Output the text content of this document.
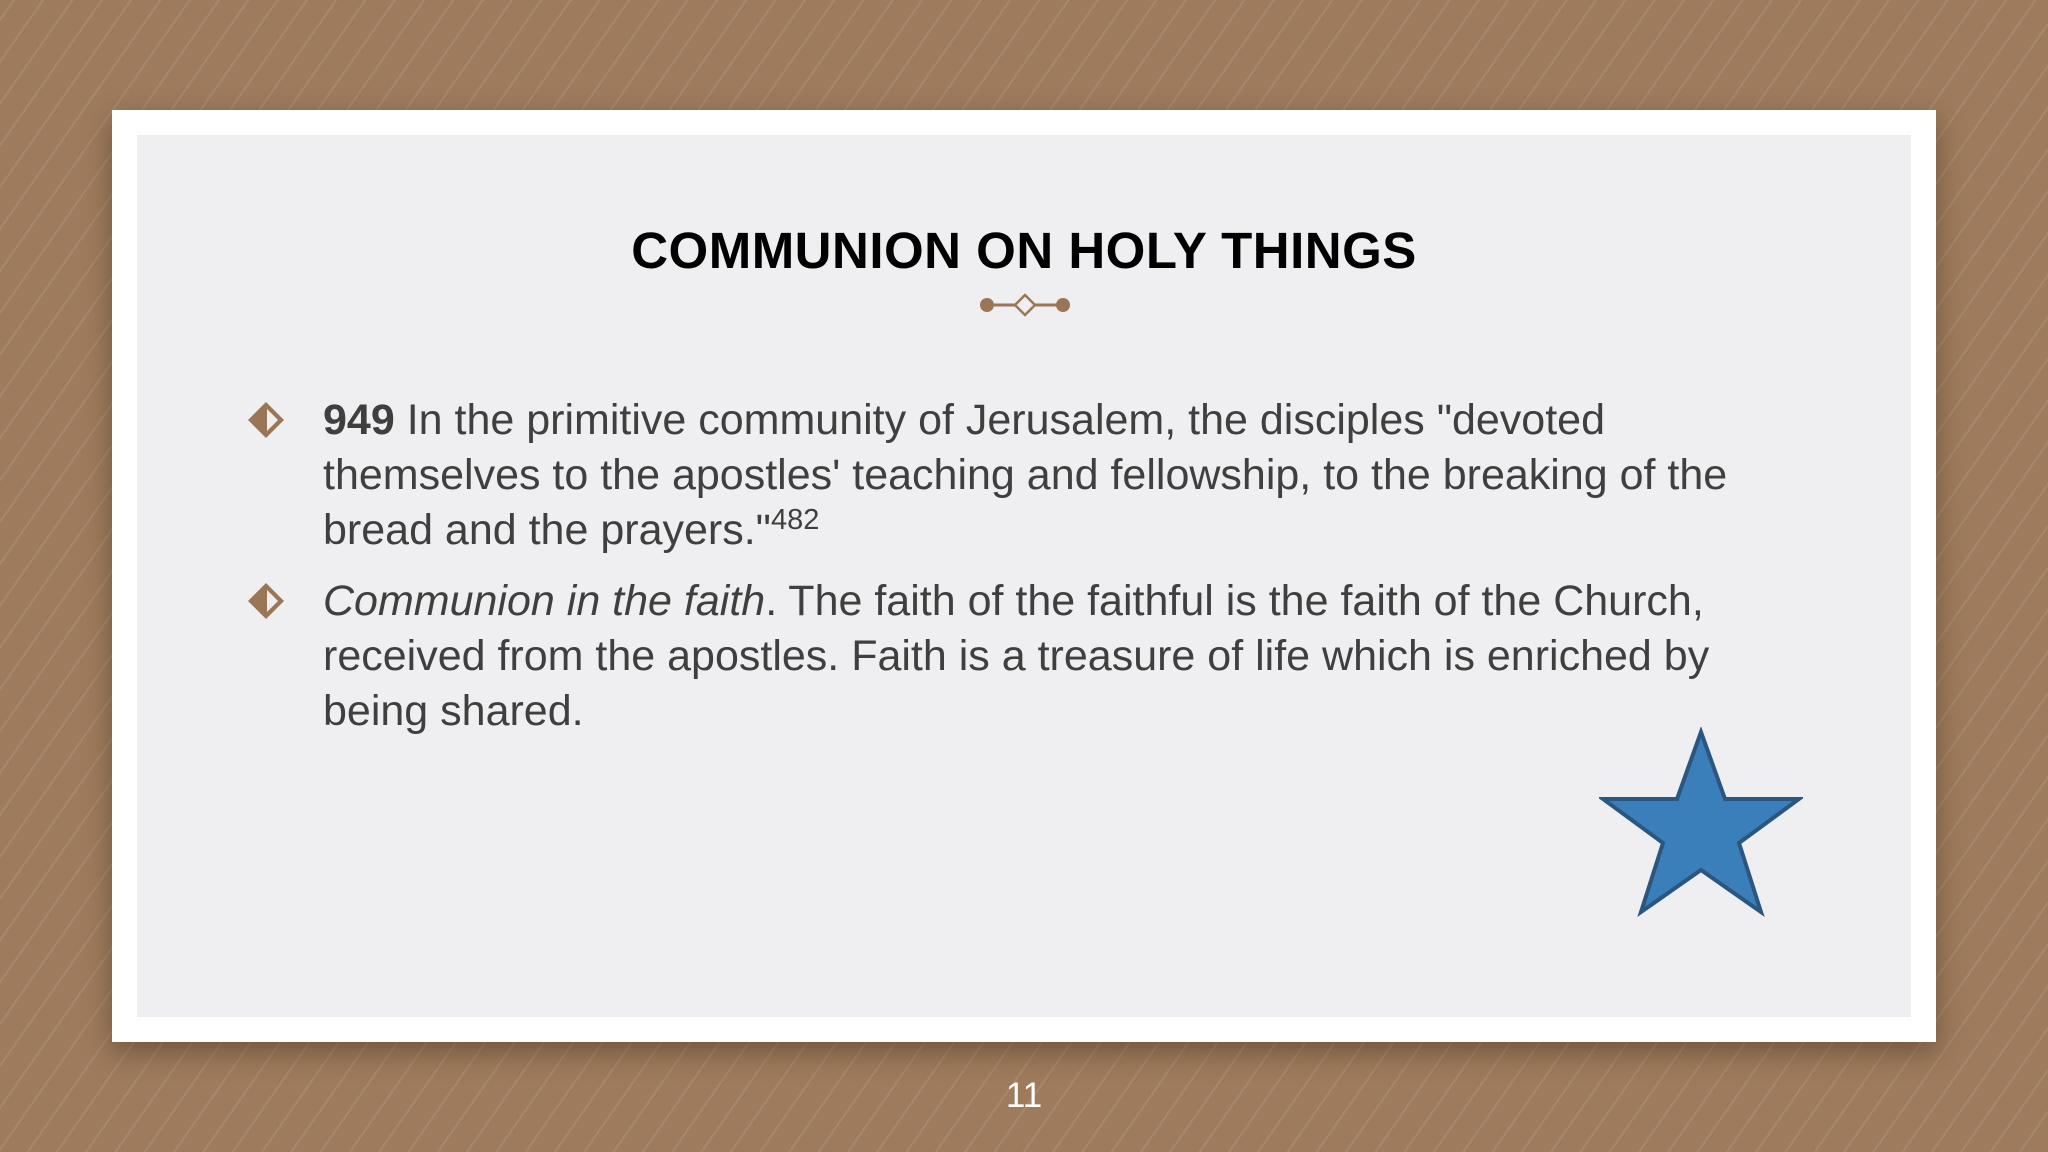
COMMUNION ON HOLY THINGS
949 In the primitive community of Jerusalem, the disciples "devoted themselves to the apostles' teaching and fellowship, to the breaking of the bread and the prayers."$^{482}$
Communion in the faith. The faith of the faithful is the faith of the Church, received from the apostles. Faith is a treasure of life which is enriched by being shared.
11
